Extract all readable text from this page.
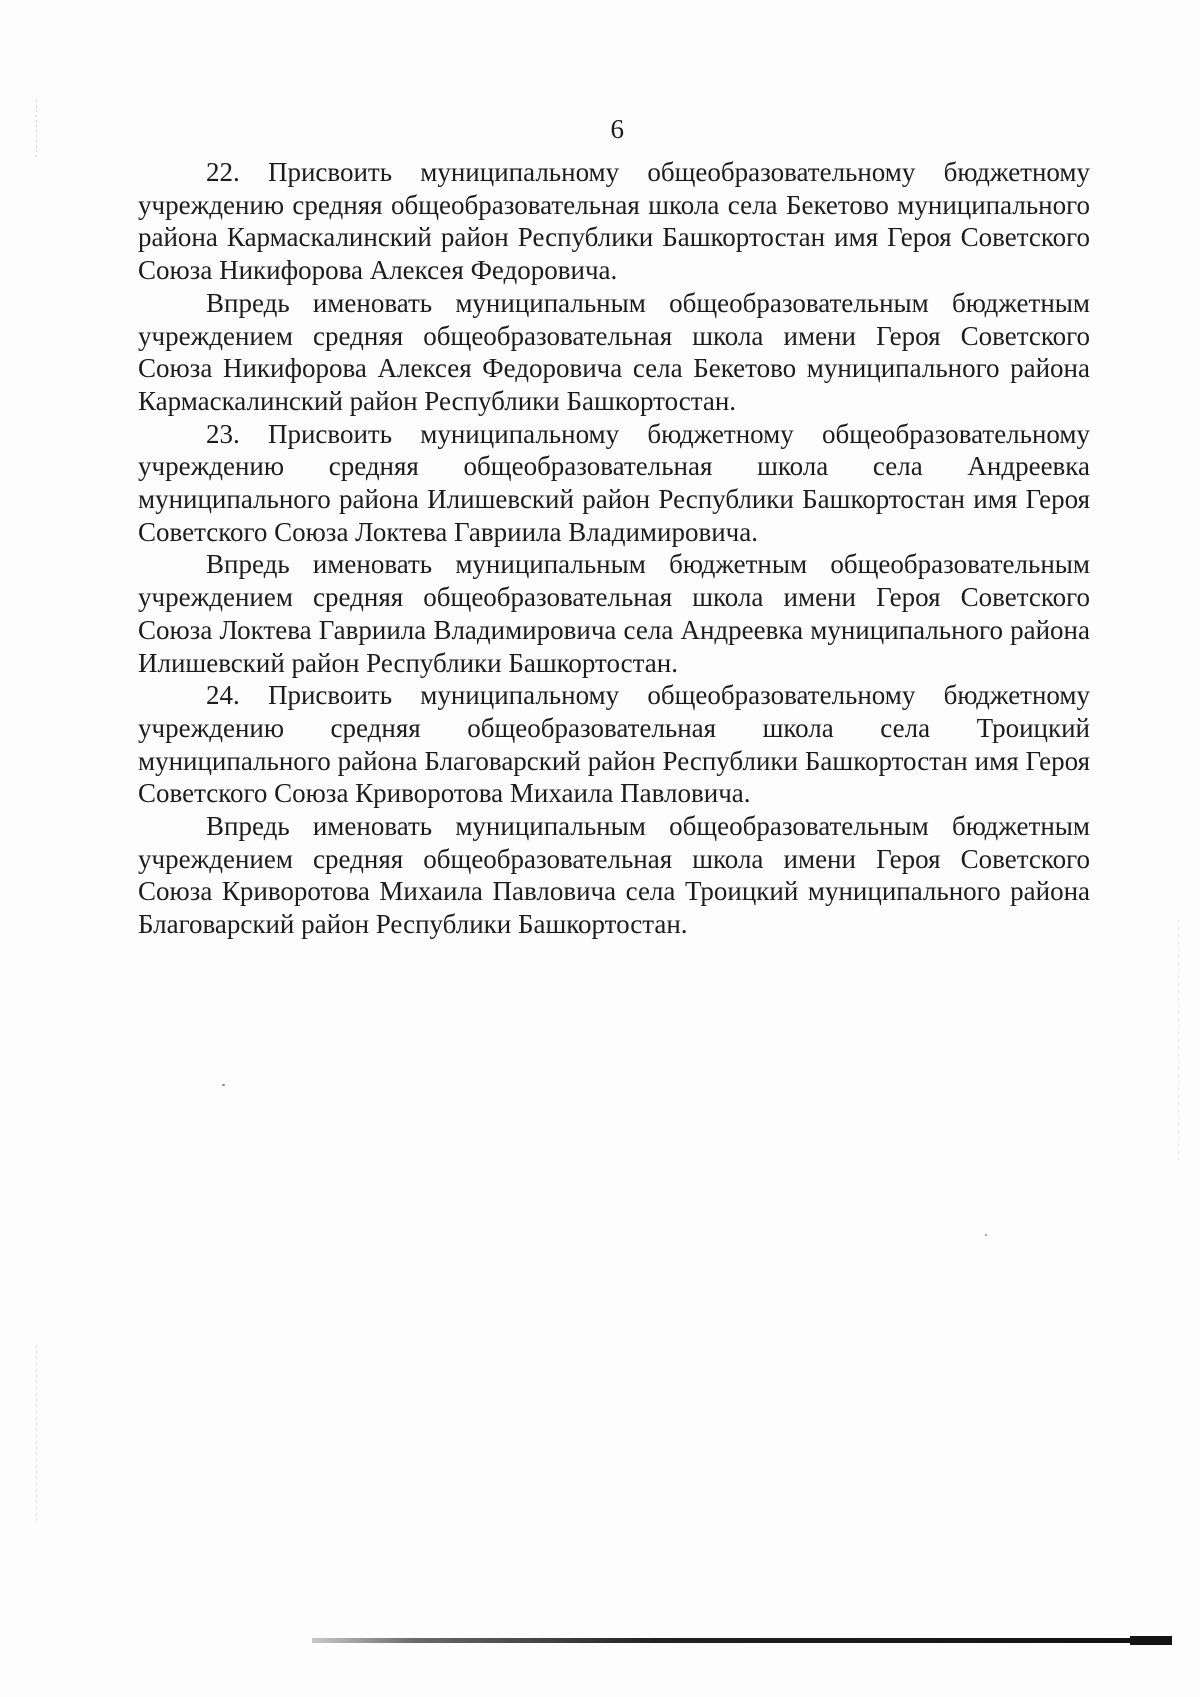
6

22. Присвоить муниципальному общеобразовательному бюджетному учреждению средняя общеобразовательная школа села Бекетово муниципального района Кармаскалинский район Республики Башкортостан имя Героя Советского Союза Никифорова Алексея Федоровича.

Впредь именовать муниципальным общеобразовательным бюджетным учреждением средняя общеобразовательная школа имени Героя Советского Союза Никифорова Алексея Федоровича села Бекетово муниципального района Кармаскалинский район Республики Башкортостан.

23. Присвоить муниципальному бюджетному общеобразовательному учреждению средняя общеобразовательная школа села Андреевка муниципального района Илишевский район Республики Башкортостан имя Героя Советского Союза Локтева Гавриила Владимировича.

Впредь именовать муниципальным бюджетным общеобразовательным учреждением средняя общеобразовательная школа имени Героя Советского Союза Локтева Гавриила Владимировича села Андреевка муниципального района Илишевский район Республики Башкортостан.

24. Присвоить муниципальному общеобразовательному бюджетному учреждению средняя общеобразовательная школа села Троицкий муниципального района Благоварский район Республики Башкортостан имя Героя Советского Союза Криворотова Михаила Павловича.

Впредь именовать муниципальным общеобразовательным бюджетным учреждением средняя общеобразовательная школа имени Героя Советского Союза Криворотова Михаила Павловича села Троицкий муниципального района Благоварский район Республики Башкортостан.
